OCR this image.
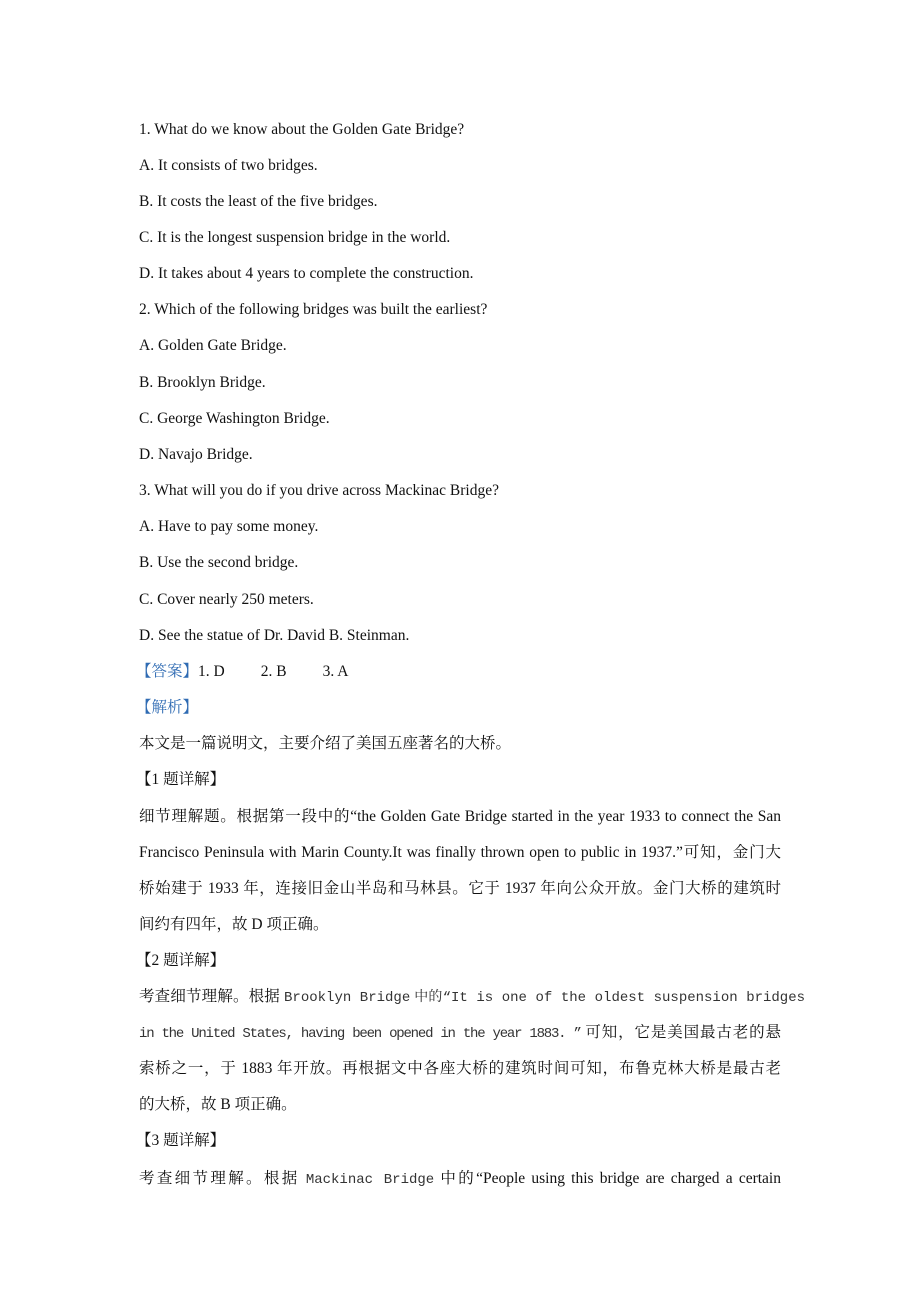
1. What do we know about the Golden Gate Bridge?
A. It consists of two bridges.
B. It costs the least of the five bridges.
C. It is the longest suspension bridge in the world.
D. It takes about 4 years to complete the construction.
2. Which of the following bridges was built the earliest?
A. Golden Gate Bridge.
B. Brooklyn Bridge.
C. George Washington Bridge.
D. Navajo Bridge.
3. What will you do if you drive across Mackinac Bridge?
A. Have to pay some money.
B. Use the second bridge.
C. Cover nearly 250 meters.
D. See the statue of Dr. David B. Steinman.
【答案】1. D 2. B 3. A
【解析】
本文是一篇说明文，主要介绍了美国五座著名的大桥。
【1 题详解】
细节理解题。根据第一段中的“the Golden Gate Bridge started in the year 1933 to connect the San
Francisco Peninsula with Marin County.It was finally thrown open to public in 1937.”可知，金门大
桥始建于 1933 年，连接旧金山半岛和马林县。它于 1937 年向公众开放。金门大桥的建筑时
间约有四年，故 D 项正确。
【2 题详解】
考查细节理解。根据 Brooklyn Bridge 中的“It is one of the oldest suspension bridges
in the United States, having been opened in the year 1883. ” 可知，它是美国最古老的悬
索桥之一，于 1883 年开放。再根据文中各座大桥的建筑时间可知，布鲁克林大桥是最古老
的大桥，故 B 项正确。
【3 题详解】
考查细节理解。根据 Mackinac Bridge 中的“People using this bridge are charged a certain
